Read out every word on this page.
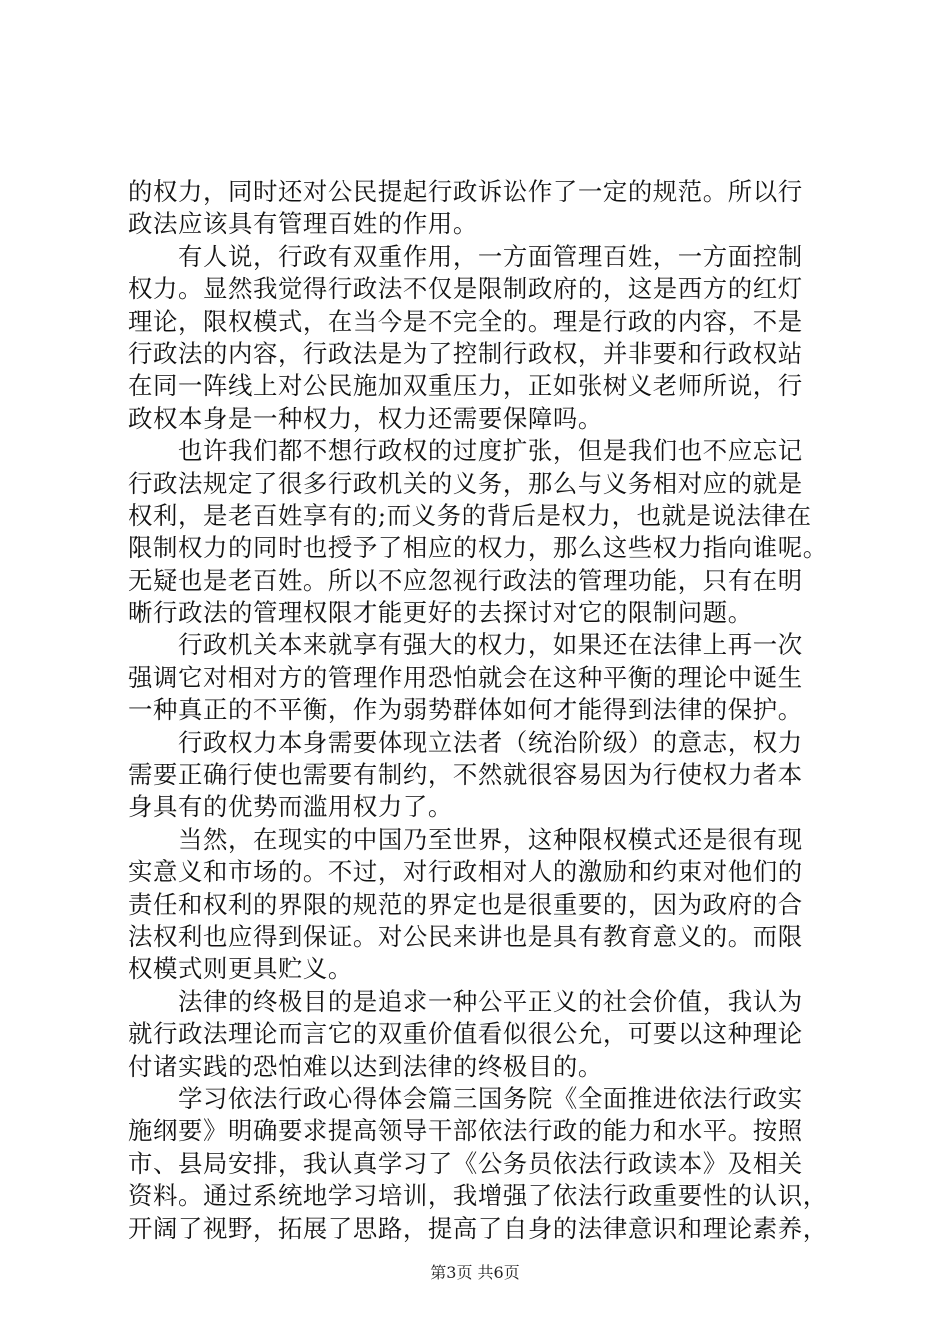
的权力，同时还对公民提起行政诉讼作了一定的规范。所以行
政法应该具有管理百姓的作用。
　　有人说，行政有双重作用，一方面管理百姓，一方面控制
权力。显然我觉得行政法不仅是限制政府的，这是西方的红灯
理论，限权模式，在当今是不完全的。理是行政的内容，不是
行政法的内容，行政法是为了控制行政权，并非要和行政权站
在同一阵线上对公民施加双重压力，正如张树义老师所说，行
政权本身是一种权力，权力还需要保障吗。
　　也许我们都不想行政权的过度扩张，但是我们也不应忘记
行政法规定了很多行政机关的义务，那么与义务相对应的就是
权利，是老百姓享有的;而义务的背后是权力，也就是说法律在
限制权力的同时也授予了相应的权力，那么这些权力指向谁呢。
无疑也是老百姓。所以不应忽视行政法的管理功能，只有在明
晰行政法的管理权限才能更好的去探讨对它的限制问题。
　　行政机关本来就享有强大的权力，如果还在法律上再一次
强调它对相对方的管理作用恐怕就会在这种平衡的理论中诞生
一种真正的不平衡，作为弱势群体如何才能得到法律的保护。
　　行政权力本身需要体现立法者（统治阶级）的意志，权力
需要正确行使也需要有制约，不然就很容易因为行使权力者本
身具有的优势而滥用权力了。
　　当然，在现实的中国乃至世界，这种限权模式还是很有现
实意义和市场的。不过，对行政相对人的激励和约束对他们的
责任和权利的界限的规范的界定也是很重要的，因为政府的合
法权利也应得到保证。对公民来讲也是具有教育意义的。而限
权模式则更具贮义。
　　法律的终极目的是追求一种公平正义的社会价值，我认为
就行政法理论而言它的双重价值看似很公允，可要以这种理论
付诸实践的恐怕难以达到法律的终极目的。
　　学习依法行政心得体会篇三国务院《全面推进依法行政实
施纲要》明确要求提高领导干部依法行政的能力和水平。按照
市、县局安排，我认真学习了《公务员依法行政读本》及相关
资料。通过系统地学习培训，我增强了依法行政重要性的认识，
开阔了视野，拓展了思路，提高了自身的法律意识和理论素养，
第3页 共6页
